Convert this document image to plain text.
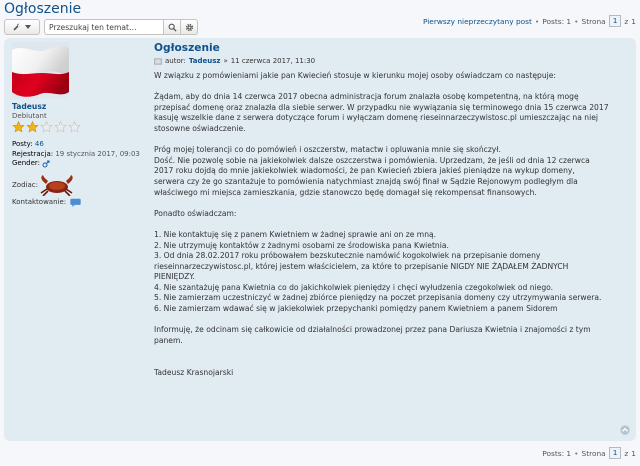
Ogłoszenie
Przeszukaj ten temat…
Pierwszy nieprzeczytany post • Posts: 1 • Strona 1 z 1
Tadeusz
Debiutant
Posty: 46
Rejestracja: 19 stycznia 2017, 09:03
Gender:
Zodiac:
Kontaktowanie:
Ogłoszenie
autor: Tadeusz » 11 czerwca 2017, 11:30

W związku z pomówieniami jakie pan Kwiecień stosuje w kierunku mojej osoby oświadczam co następuje:

Żądam, aby do dnia 14 czerwca 2017 obecna administracja forum znalazła osobę kompetentną, na którą mogę

przepisać domenę oraz znalazła dla siebie serwer. W przypadku nie wywiązania się terminowego dnia 15 czerwca 2017

kasuję wszelkie dane z serwera dotyczące forum i wyłączam domenę rieseinnarzeczywistosc.pl umieszczając na niej

stosowne oświadczenie.

Próg mojej tolerancji co do pomówień i oszczerstw, matactw i opluwania mnie się skończył.

Dość. Nie pozwolę sobie na jakiekolwiek dalsze oszczerstwa i pomówienia. Uprzedzam, że jeśli od dnia 12 czerwca

2017 roku dojdą do mnie jakiekolwiek wiadomości, że pan Kwiecień zbiera jakieś pieniądze na wykup domeny,

serwera czy że go szantażuje to pomówienia natychmiast znajdą swój finał w Sądzie Rejonowym podległym dla

właściwego mi miejsca zamieszkania, gdzie stanowczo będę domagał się rekompensat finansowych.

Ponadto oświadczam:

1. Nie kontaktuję się z panem Kwietniem w żadnej sprawie ani on ze mną.

2. Nie utrzymuję kontaktów z żadnymi osobami ze środowiska pana Kwietnia.

3. Od dnia 28.02.2017 roku próbowałem bezskutecznie namówić kogokolwiek na przepisanie domeny

rieseinnarzeczywistosc.pl, której jestem właścicielem, za które to przepisanie NIGDY NIE ŻĄDAŁEM ŻADNYCH

PIENIĘDZY.

4. Nie szantażuję pana Kwietnia co do jakichkolwiek pieniędzy i chęci wyłudzenia czegokolwiek od niego.

5. Nie zamierzam uczestniczyć w żadnej zbiórce pieniędzy na poczet przepisania domeny czy utrzymywania serwera.

6. Nie zamierzam wdawać się w jakiekolwiek przepychanki pomiędzy panem Kwietniem a panem Sidorem

Informuję, że odcinam się całkowicie od działalności prowadzonej przez pana Dariusza Kwietnia i znajomości z tym

panem.

Tadeusz Krasnojarski

Posts: 1 • Strona 1 z 1
